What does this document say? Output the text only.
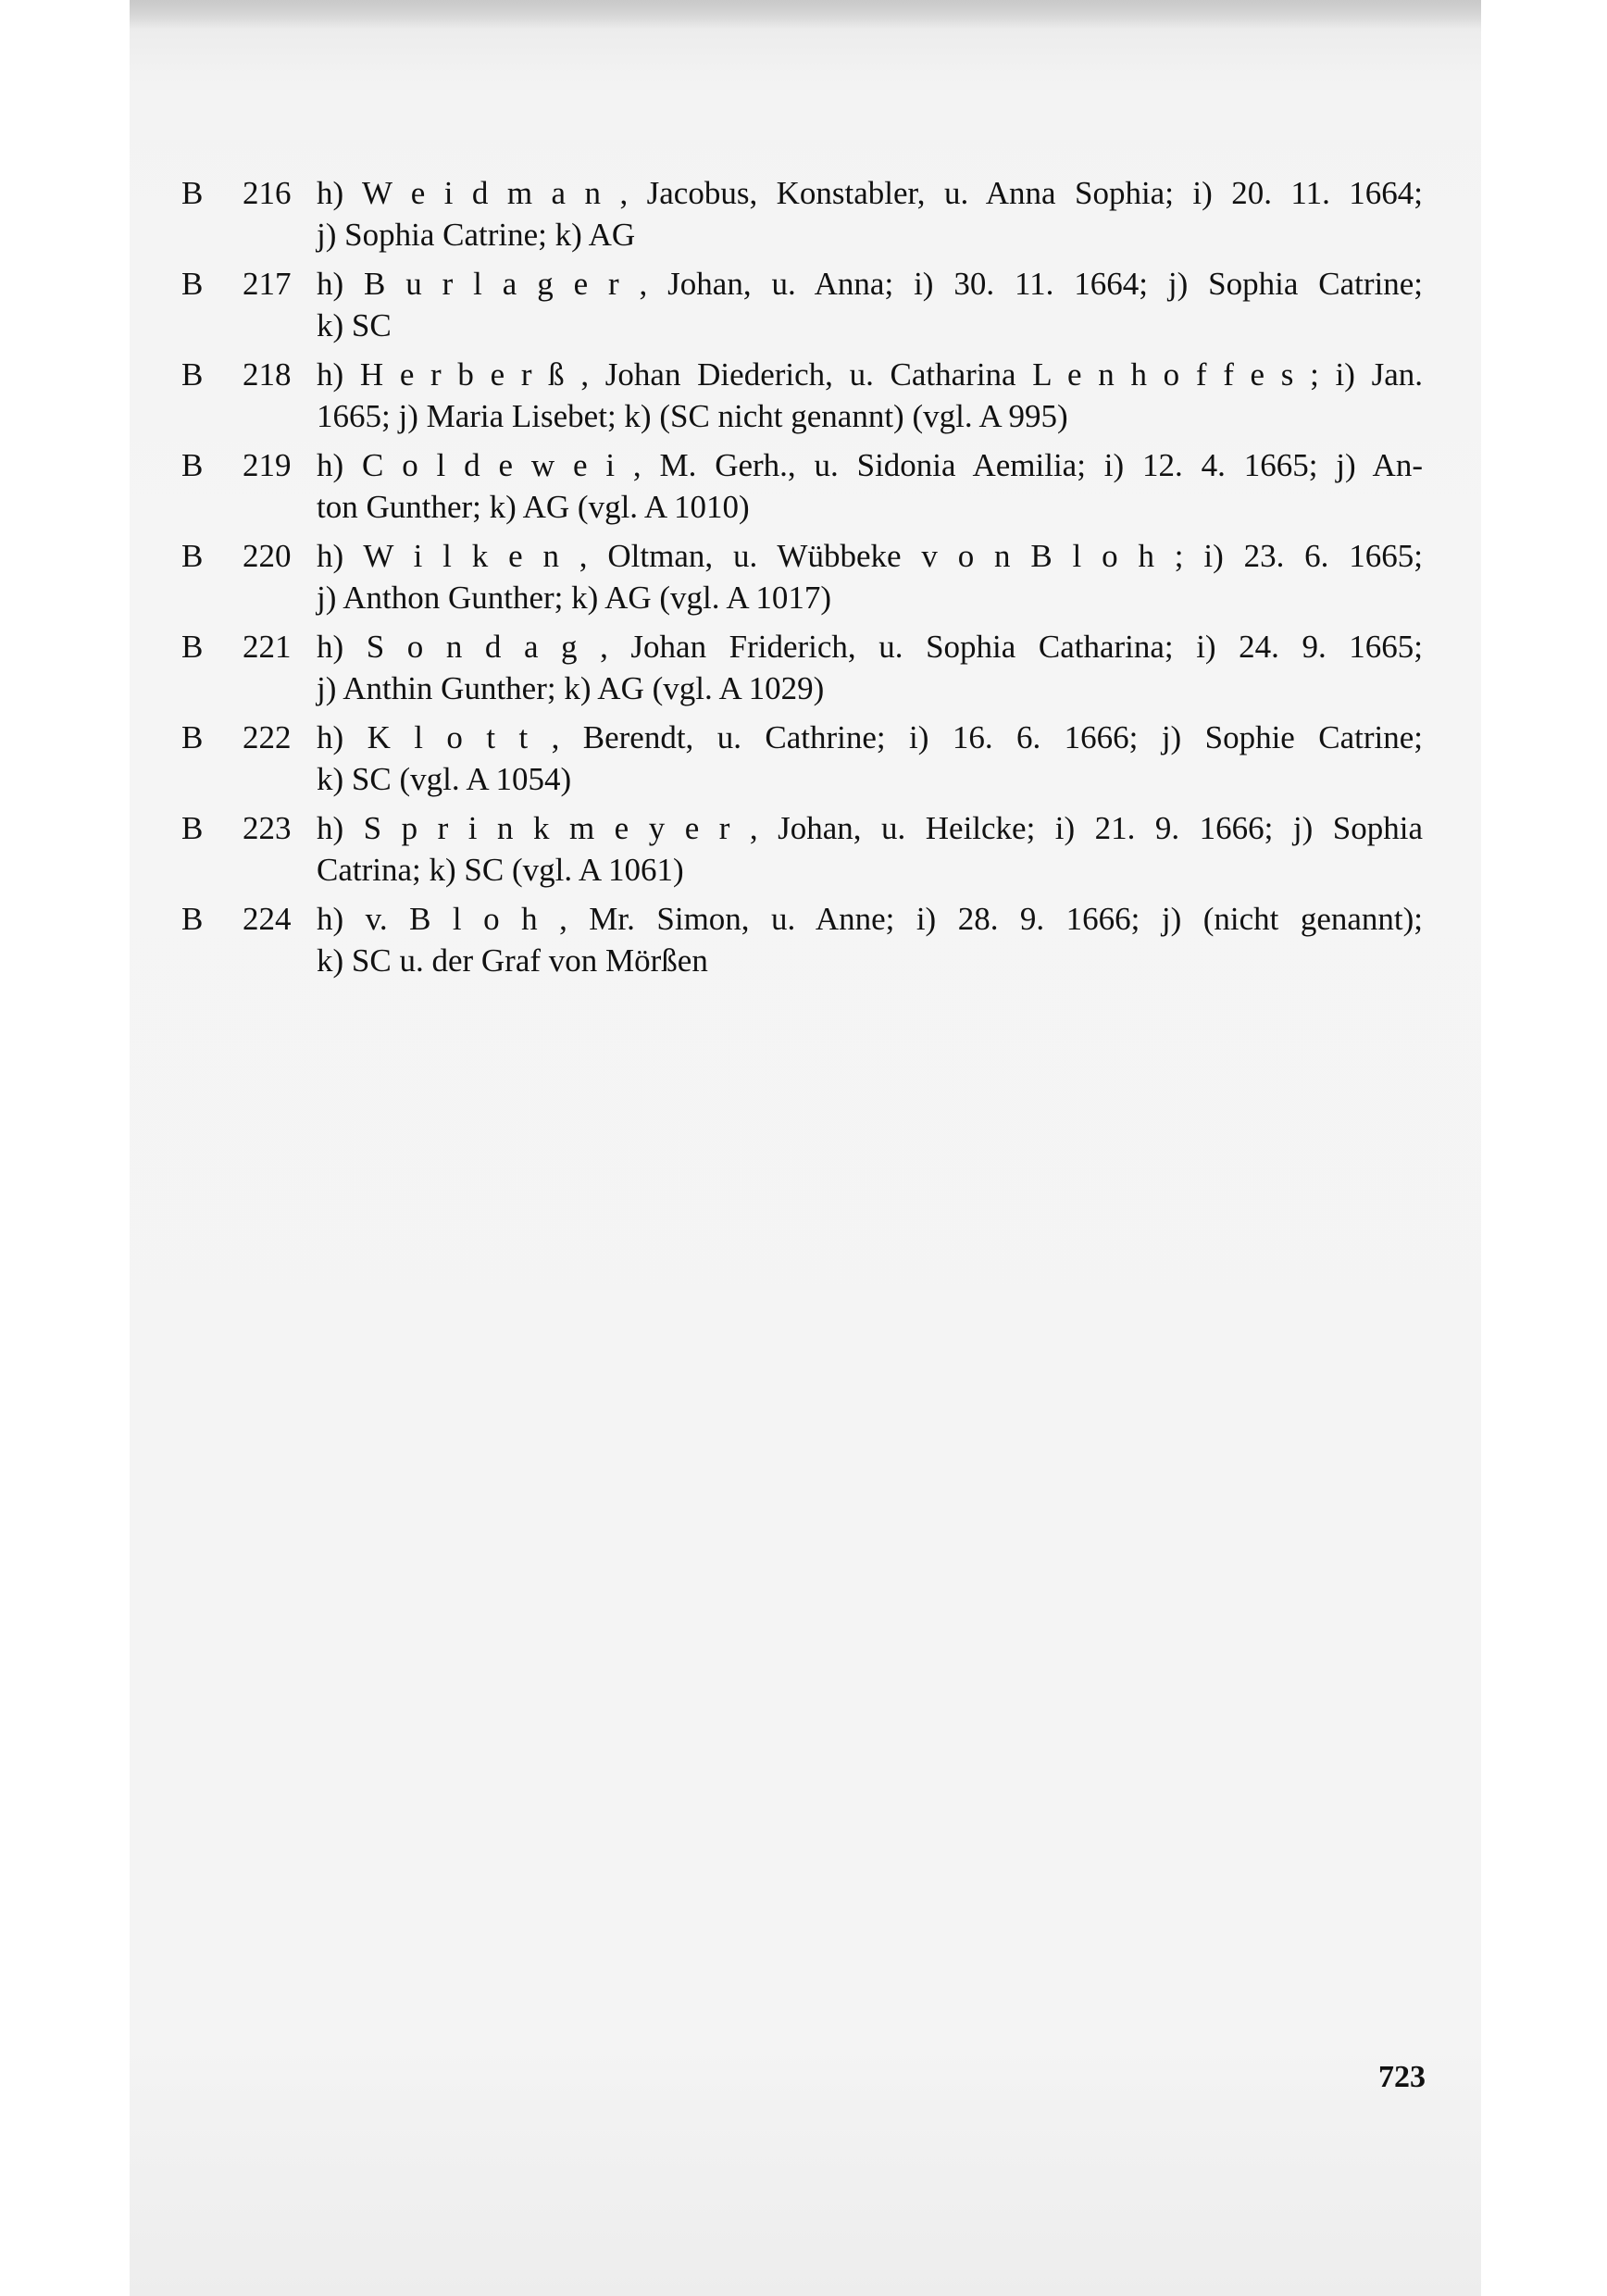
B 216 h) W e i d m a n , Jacobus, Konstabler, u. Anna Sophia; i) 20. 11. 1664;
j) Sophia Catrine; k) AG
B 217 h) B u r l a g e r , Johan, u. Anna; i) 30. 11. 1664; j) Sophia Catrine;
k) SC
B 218 h) H e r b e r ß , Johan Diederich, u. Catharina L e n h o f f e s ; i) Jan.
1665; j) Maria Lisebet; k) (SC nicht genannt) (vgl. A 995)
B 219 h) C o l d e w e i , M. Gerh., u. Sidonia Aemilia; i) 12. 4. 1665; j) An-
ton Gunther; k) AG (vgl. A 1010)
B 220 h) W i l k e n , Oltman, u. Wübbeke v o n B l o h ; i) 23. 6. 1665;
j) Anthon Gunther; k) AG (vgl. A 1017)
B 221 h) S o n d a g , Johan Friderich, u. Sophia Catharina; i) 24. 9. 1665;
j) Anthin Gunther; k) AG (vgl. A 1029)
B 222 h) K l o t t , Berendt, u. Cathrine; i) 16. 6. 1666; j) Sophie Catrine;
k) SC (vgl. A 1054)
B 223 h) S p r i n k m e y e r , Johan, u. Heilcke; i) 21. 9. 1666; j) Sophia
Catrina; k) SC (vgl. A 1061)
B 224 h) v. B l o h , Mr. Simon, u. Anne; i) 28. 9. 1666; j) (nicht genannt);
k) SC u. der Graf von Mörßen
723
